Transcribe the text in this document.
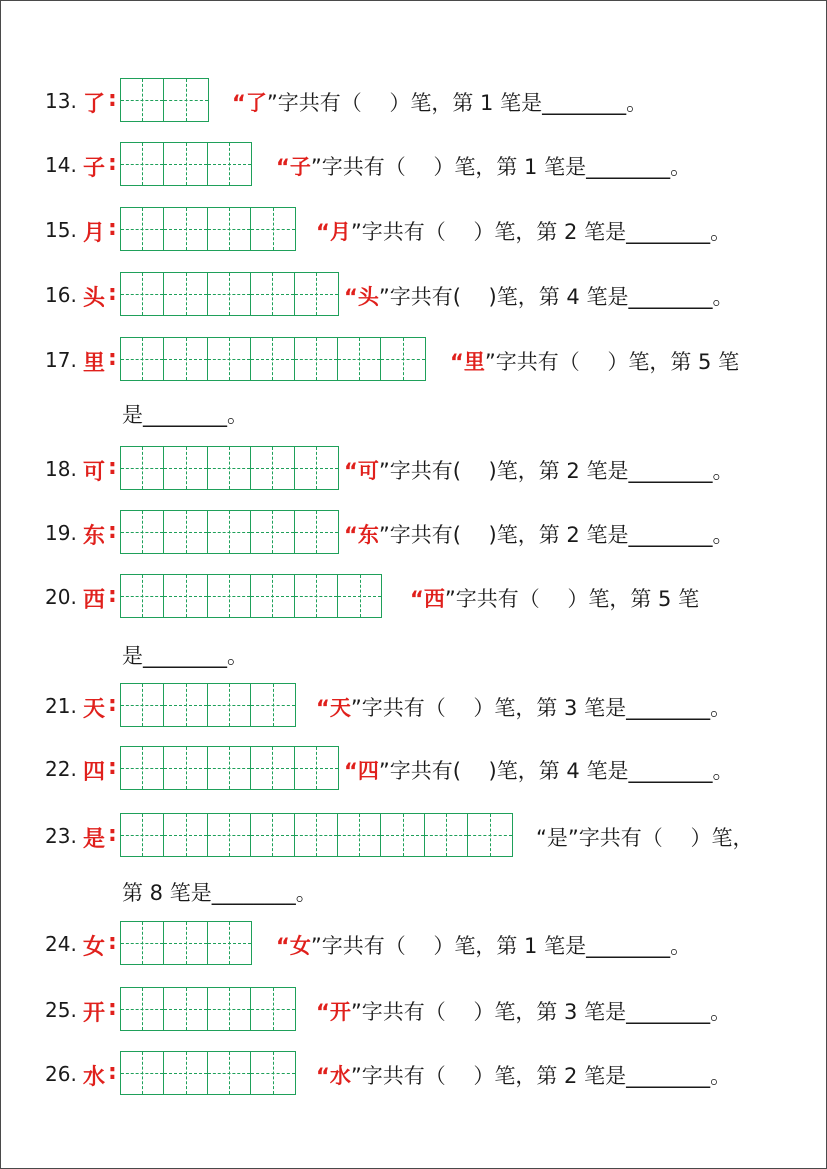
13. 了 :	“了”字共有（　 ）笔，第 1 笔是________。
14. 子 :	“子”字共有（　 ）笔，第 1 笔是________。
15. 月 :	“月”字共有（　 ）笔，第 2 笔是________。
16. 头 :	“头”字共有(　 )笔，第 4 笔是________。
17. 里 :	“里”字共有（　 ）笔，第 5 笔
是________。
18. 可 :	“可”字共有(　 )笔，第 2 笔是________。
19. 东 :	“东”字共有(　 )笔，第 2 笔是________。
20. 西 :	“西”字共有（　 ）笔，第 5 笔
是________。
21. 天 :	“天”字共有（　 ）笔，第 3 笔是________。
22. 四 :	“四”字共有(　 )笔，第 4 笔是________。
23. 是 :	“是”字共有（　 ）笔，
第 8 笔是________。
24. 女 :	“女”字共有（　 ）笔，第 1 笔是________。
25. 开 :	“开”字共有（　 ）笔，第 3 笔是________。
26. 水 :	“水”字共有（　 ）笔，第 2 笔是________。
